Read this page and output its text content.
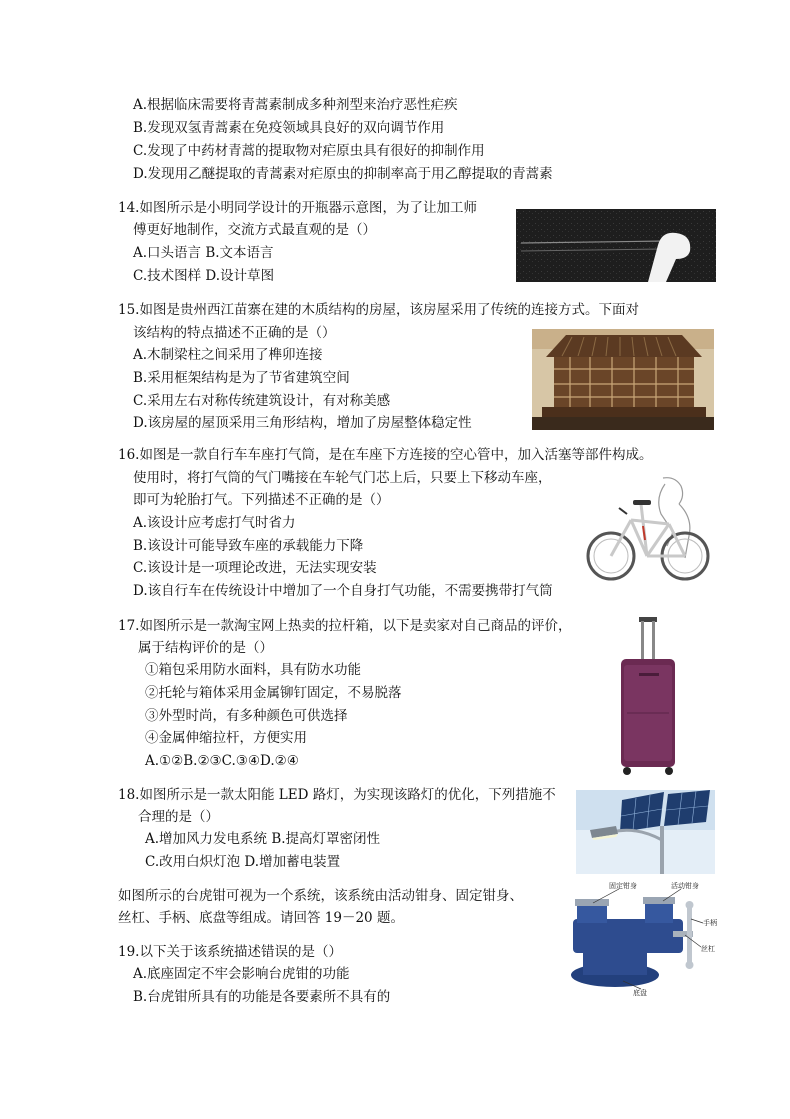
A.根据临床需要将青蒿素制成多种剂型来治疗恶性疟疾
B.发现双氢青蒿素在免疫领域具良好的双向调节作用
C.发现了中药材青蒿的提取物对疟原虫具有很好的抑制作用
D.发现用乙醚提取的青蒿素对疟原虫的抑制率高于用乙醇提取的青蒿素
14.如图所示是小明同学设计的开瓶器示意图，为了让加工师
傅更好地制作，交流方式最直观的是（）
A.口头语言 B.文本语言
C.技术图样 D.设计草图
15.如图是贵州西江苗寨在建的木质结构的房屋，该房屋采用了传统的连接方式。下面对
该结构的特点描述不正确的是（）
A.木制梁柱之间采用了榫卯连接
B.采用框架结构是为了节省建筑空间
C.采用左右对称传统建筑设计，有对称美感
D.该房屋的屋顶采用三角形结构，增加了房屋整体稳定性
16.如图是一款自行车车座打气筒，是在车座下方连接的空心管中，加入活塞等部件构成。
使用时，将打气筒的气门嘴接在车轮气门芯上后，只要上下移动车座，
即可为轮胎打气。下列描述不正确的是（）
A.该设计应考虑打气时省力
B.该设计可能导致车座的承载能力下降
C.该设计是一项理论改进，无法实现安装
D.该自行车在传统设计中增加了一个自身打气功能，不需要携带打气筒
17.如图所示是一款淘宝网上热卖的拉杆箱，以下是卖家对自己商品的评价，
属于结构评价的是（）
①箱包采用防水面料，具有防水功能
②托轮与箱体采用金属铆钉固定，不易脱落
③外型时尚，有多种颜色可供选择
④金属伸缩拉杆，方便实用
A.①②B.②③C.③④D.②④
18.如图所示是一款太阳能 LED 路灯，为实现该路灯的优化，下列措施不
合理的是（）
A.增加风力发电系统 B.提高灯罩密闭性
C.改用白炽灯泡 D.增加蓄电装置
如图所示的台虎钳可视为一个系统，该系统由活动钳身、固定钳身、
丝杠、手柄、底盘等组成。请回答 19－20 题。
固定钳身	活动钳身
手柄
丝杠
底盘
19.以下关于该系统描述错误的是（）
A.底座固定不牢会影响台虎钳的功能
B.台虎钳所具有的功能是各要素所不具有的
